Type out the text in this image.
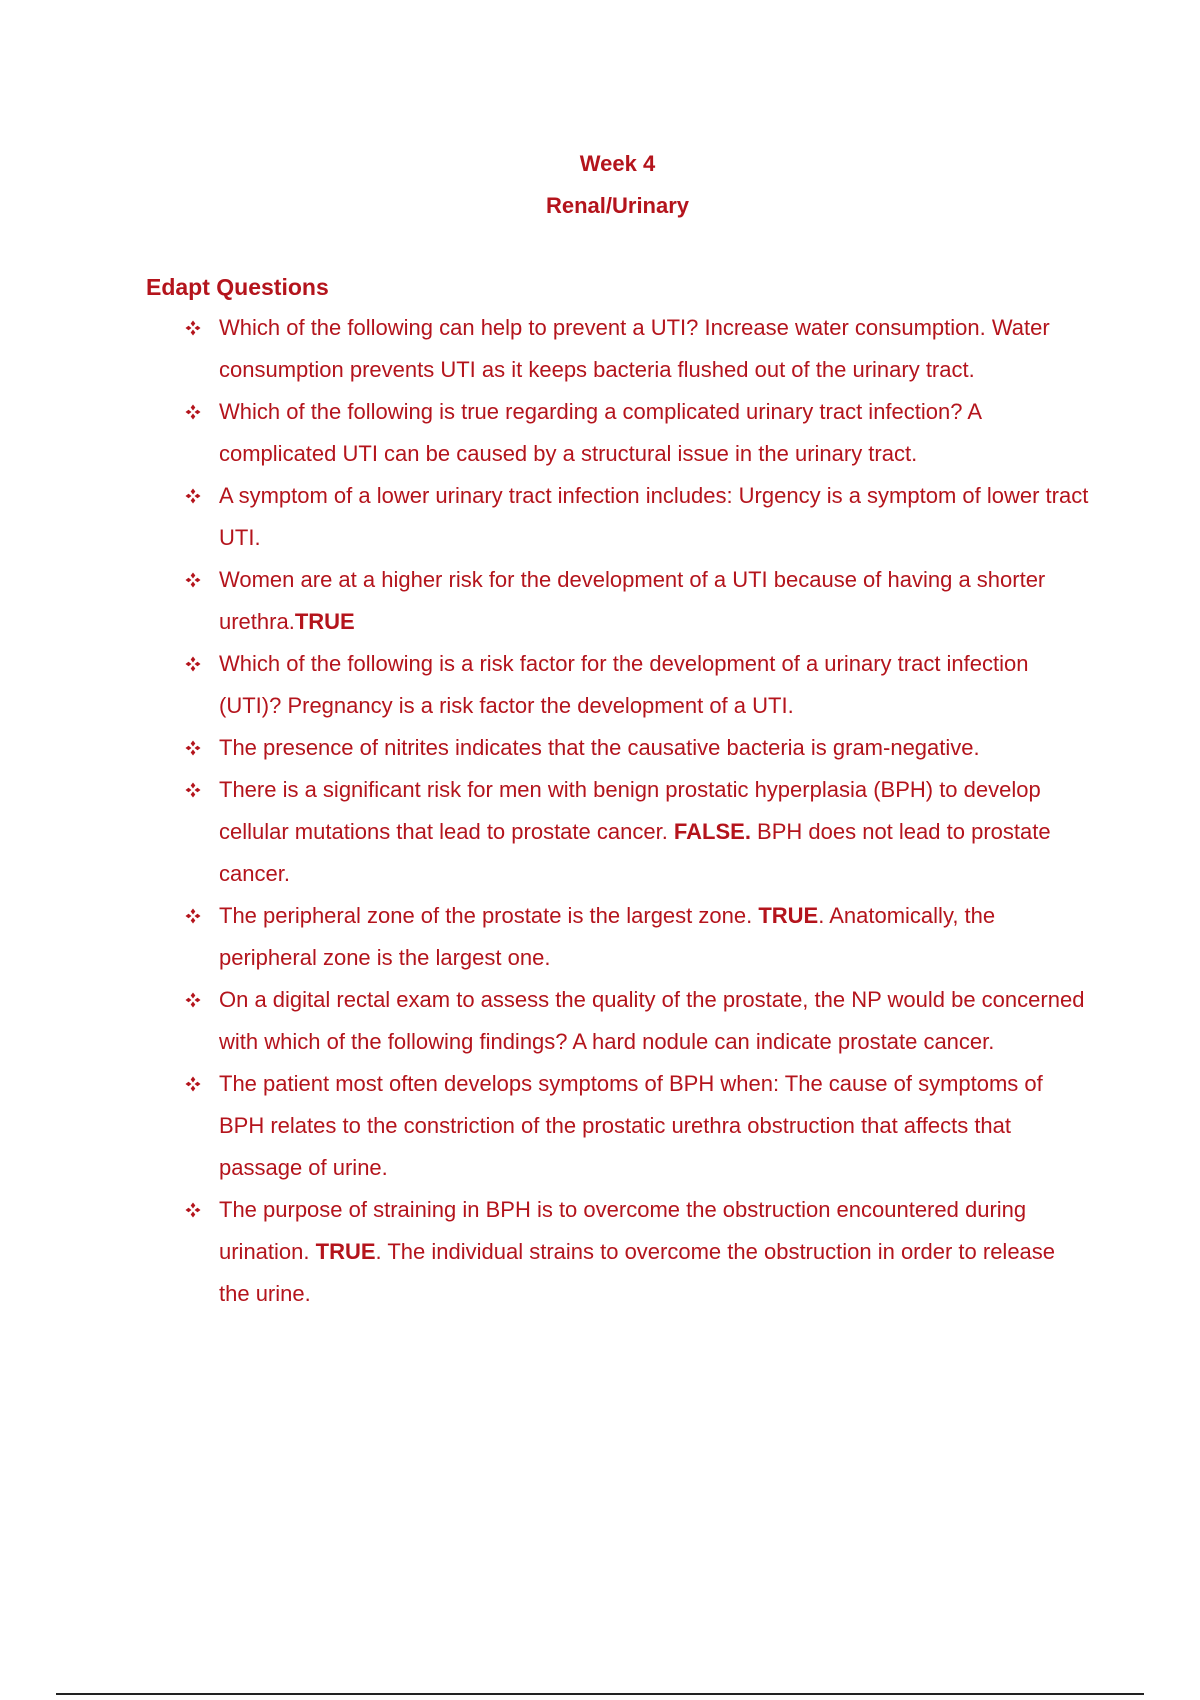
Week 4
Renal/Urinary
Edapt Questions
Which of the following can help to prevent a UTI? Increase water consumption. Water consumption prevents UTI as it keeps bacteria flushed out of the urinary tract.
Which of the following is true regarding a complicated urinary tract infection? A complicated UTI can be caused by a structural issue in the urinary tract.
A symptom of a lower urinary tract infection includes: Urgency is a symptom of lower tract UTI.
Women are at a higher risk for the development of a UTI because of having a shorter urethra.TRUE
Which of the following is a risk factor for the development of a urinary tract infection (UTI)? Pregnancy is a risk factor the development of a UTI.
The presence of nitrites indicates that the causative bacteria is gram-negative.
There is a significant risk for men with benign prostatic hyperplasia (BPH) to develop cellular mutations that lead to prostate cancer. FALSE. BPH does not lead to prostate cancer.
The peripheral zone of the prostate is the largest zone. TRUE. Anatomically, the peripheral zone is the largest one.
On a digital rectal exam to assess the quality of the prostate, the NP would be concerned with which of the following findings? A hard nodule can indicate prostate cancer.
The patient most often develops symptoms of BPH when: The cause of symptoms of BPH relates to the constriction of the prostatic urethra obstruction that affects that passage of urine.
The purpose of straining in BPH is to overcome the obstruction encountered during urination. TRUE. The individual strains to overcome the obstruction in order to release the urine.
